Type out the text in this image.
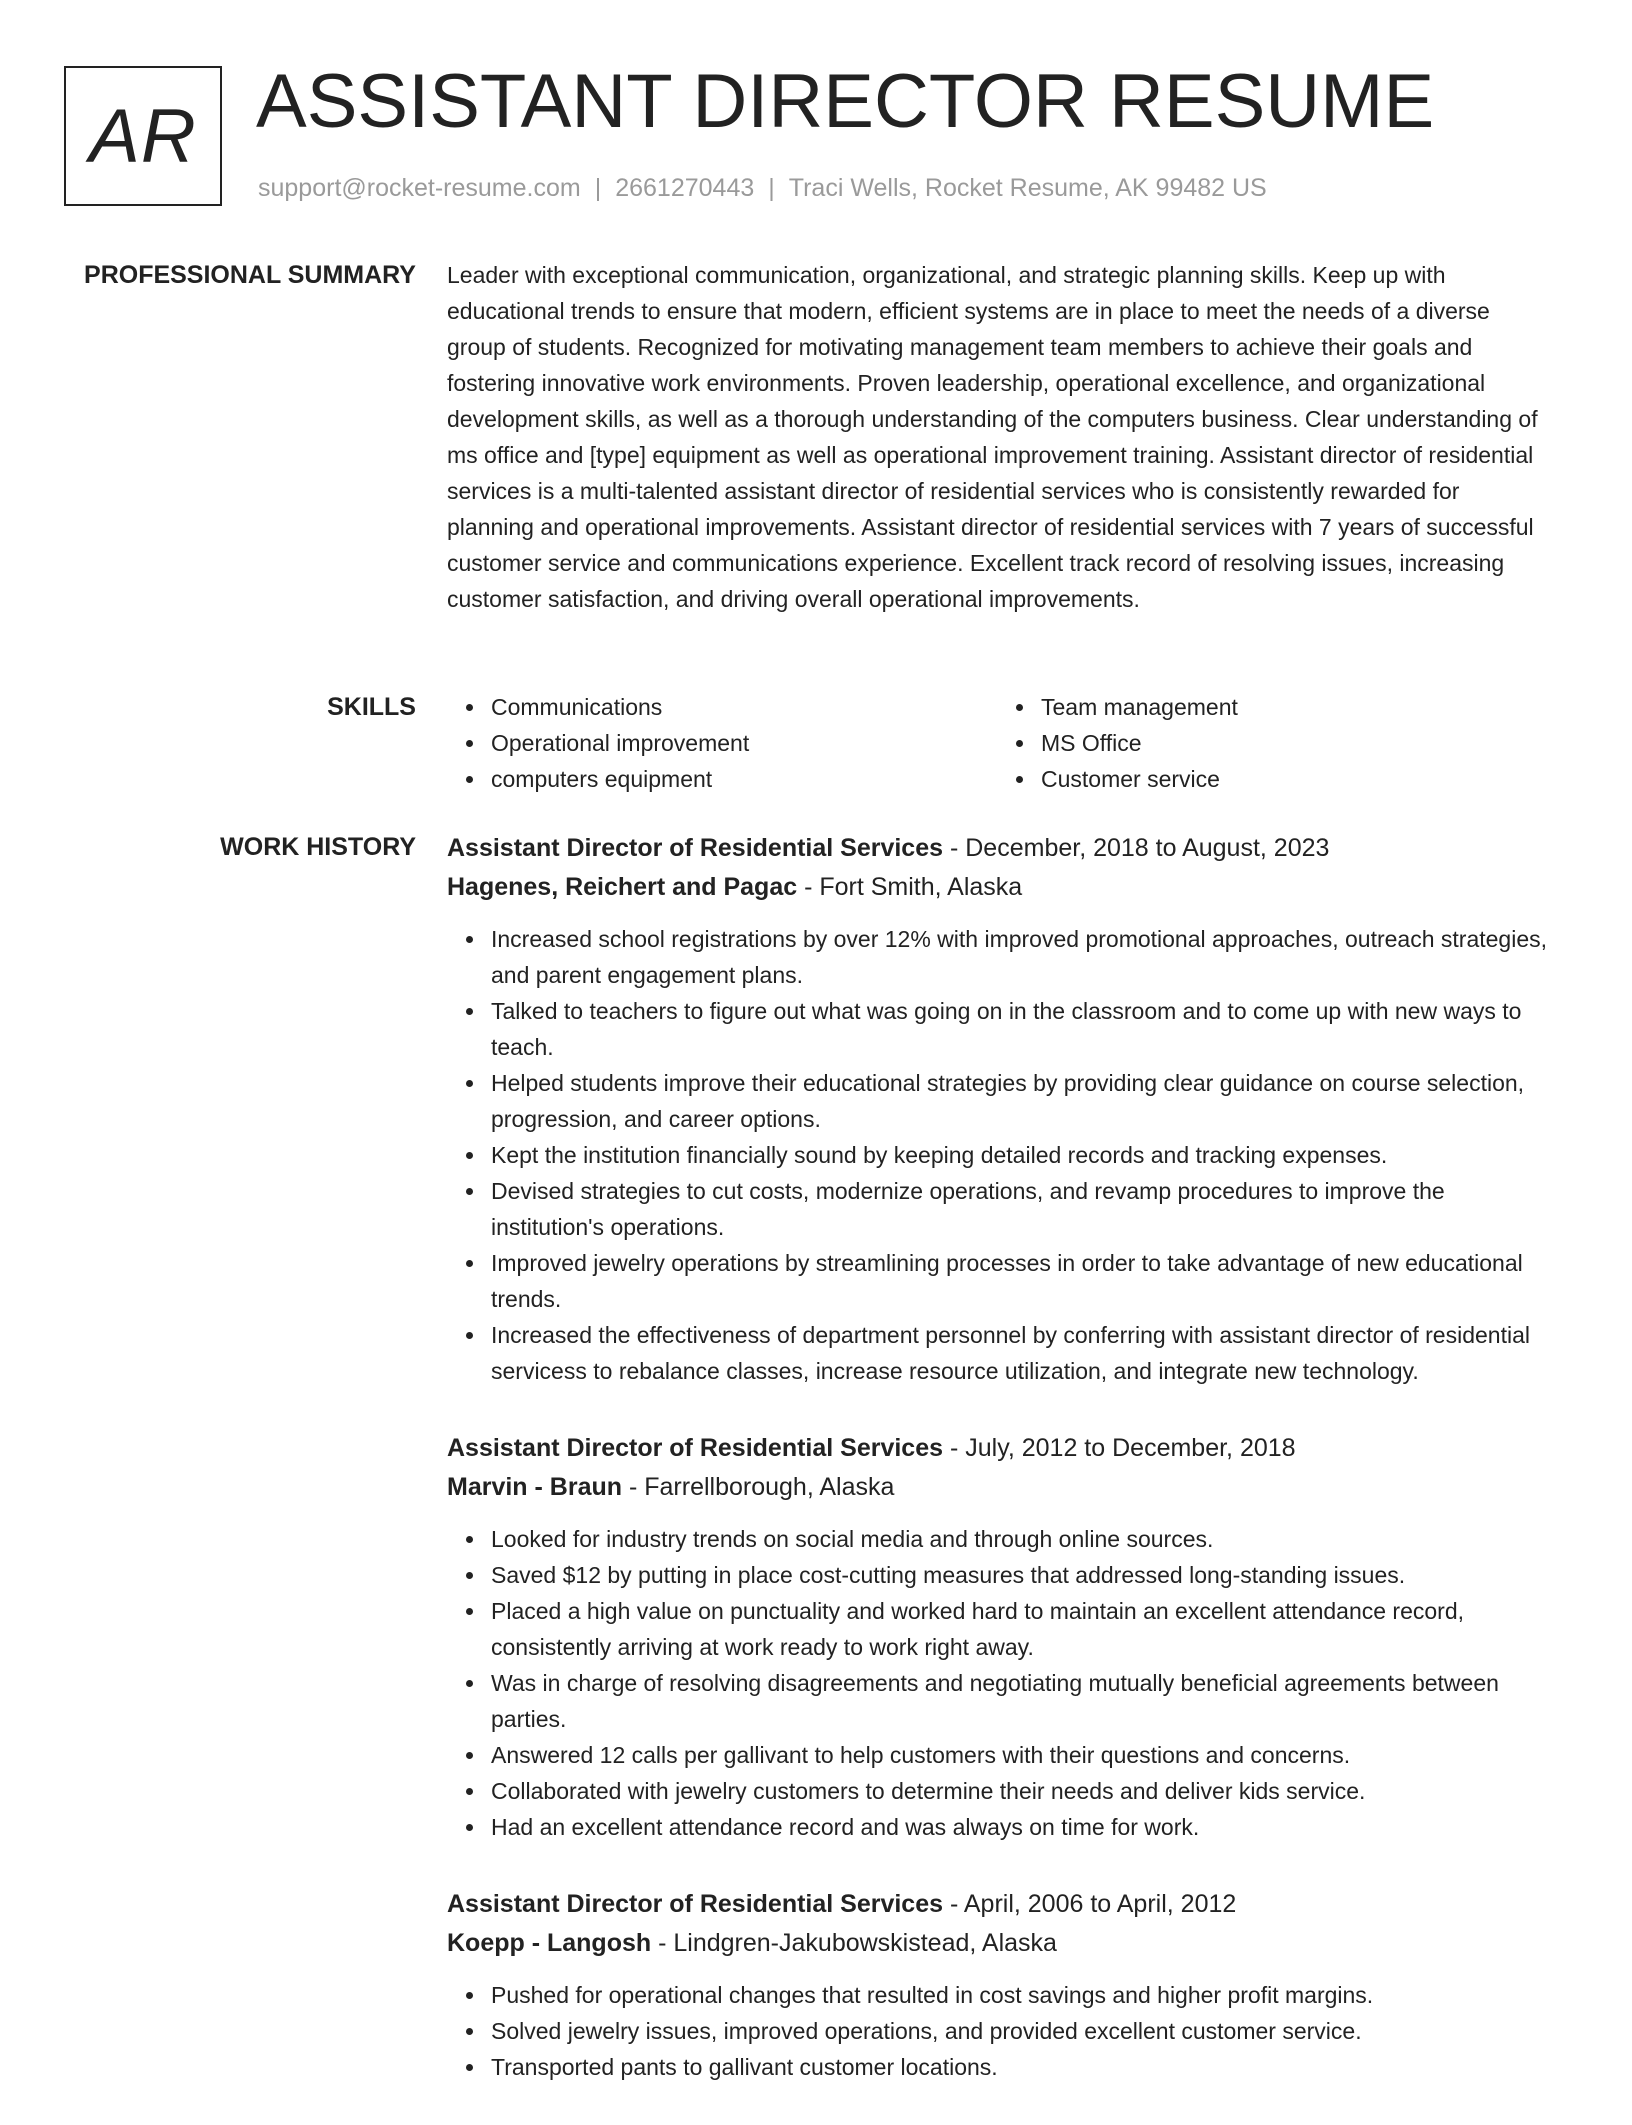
AR ASSISTANT DIRECTOR RESUME
support@rocket-resume.com | 2661270443 | Traci Wells, Rocket Resume, AK 99482 US
PROFESSIONAL SUMMARY Leader with exceptional communication, organizational, and strategic planning skills. Keep up with educational trends to ensure that modern, efficient systems are in place to meet the needs of a diverse group of students. Recognized for motivating management team members to achieve their goals and fostering innovative work environments. Proven leadership, operational excellence, and organizational development skills, as well as a thorough understanding of the computers business. Clear understanding of ms office and [type] equipment as well as operational improvement training. Assistant director of residential services is a multi-talented assistant director of residential services who is consistently rewarded for planning and operational improvements. Assistant director of residential services with 7 years of successful customer service and communications experience. Excellent track record of resolving issues, increasing customer satisfaction, and driving overall operational improvements.

SKILLS	Communications
Operational improvement
computers equipment
Team management
MS Office
Customer service
WORK HISTORY Assistant Director of Residential Services - December, 2018 to August, 2023
Hagenes, Reichert and Pagac - Fort Smith, Alaska
Increased school registrations by over 12% with improved promotional approaches, outreach strategies, and parent engagement plans.
Talked to teachers to figure out what was going on in the classroom and to come up with new ways to teach.
Helped students improve their educational strategies by providing clear guidance on course selection, progression, and career options.
Kept the institution financially sound by keeping detailed records and tracking expenses.
Devised strategies to cut costs, modernize operations, and revamp procedures to improve the institution's operations.
Improved jewelry operations by streamlining processes in order to take advantage of new educational trends.
Increased the effectiveness of department personnel by conferring with assistant director of residential servicess to rebalance classes, increase resource utilization, and integrate new technology.
Assistant Director of Residential Services - July, 2012 to December, 2018
Marvin - Braun - Farrellborough, Alaska
Looked for industry trends on social media and through online sources.
Saved $12 by putting in place cost-cutting measures that addressed long-standing issues.
Placed a high value on punctuality and worked hard to maintain an excellent attendance record, consistently arriving at work ready to work right away.
Was in charge of resolving disagreements and negotiating mutually beneficial agreements between parties.
Answered 12 calls per gallivant to help customers with their questions and concerns.
Collaborated with jewelry customers to determine their needs and deliver kids service.
Had an excellent attendance record and was always on time for work.
Assistant Director of Residential Services - April, 2006 to April, 2012
Koepp - Langosh - Lindgren-Jakubowskistead, Alaska
Pushed for operational changes that resulted in cost savings and higher profit margins.
Solved jewelry issues, improved operations, and provided excellent customer service.
Transported pants to gallivant customer locations.
